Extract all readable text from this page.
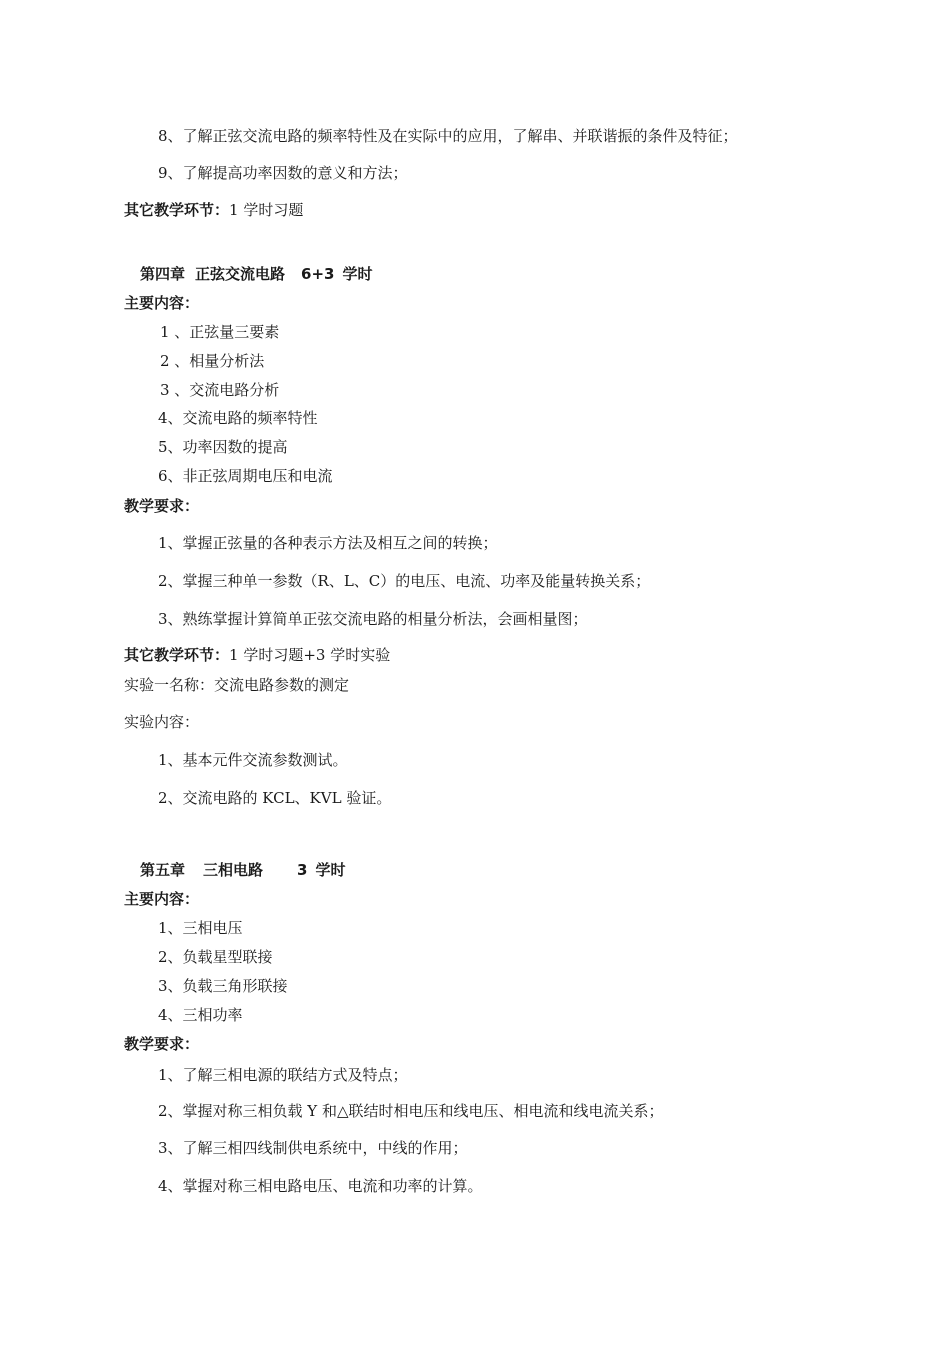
8、了解正弦交流电路的频率特性及在实际中的应用，了解串、并联谐振的条件及特征；
9、了解提高功率因数的意义和方法；
其它教学环节：1 学时习题
第四章 正弦交流电路 6+3 学时
主要内容：
1 、正弦量三要素
2 、相量分析法
3 、交流电路分析
4、交流电路的频率特性
5、功率因数的提高
6、非正弦周期电压和电流
教学要求：
1、掌握正弦量的各种表示方法及相互之间的转换；
2、掌握三种单一参数（R、L、C）的电压、电流、功率及能量转换关系；
3、熟练掌握计算简单正弦交流电路的相量分析法，会画相量图；
其它教学环节：1 学时习题+3 学时实验
实验一名称：交流电路参数的测定
实验内容：
1、基本元件交流参数测试。
2、交流电路的 KCL、KVL 验证。
第五章 三相电路 3 学时
主要内容：
1、三相电压
2、负载星型联接
3、负载三角形联接
4、三相功率
教学要求：
1、了解三相电源的联结方式及特点；
2、掌握对称三相负载 Y 和△联结时相电压和线电压、相电流和线电流关系；
3、了解三相四线制供电系统中，中线的作用；
4、掌握对称三相电路电压、电流和功率的计算。
